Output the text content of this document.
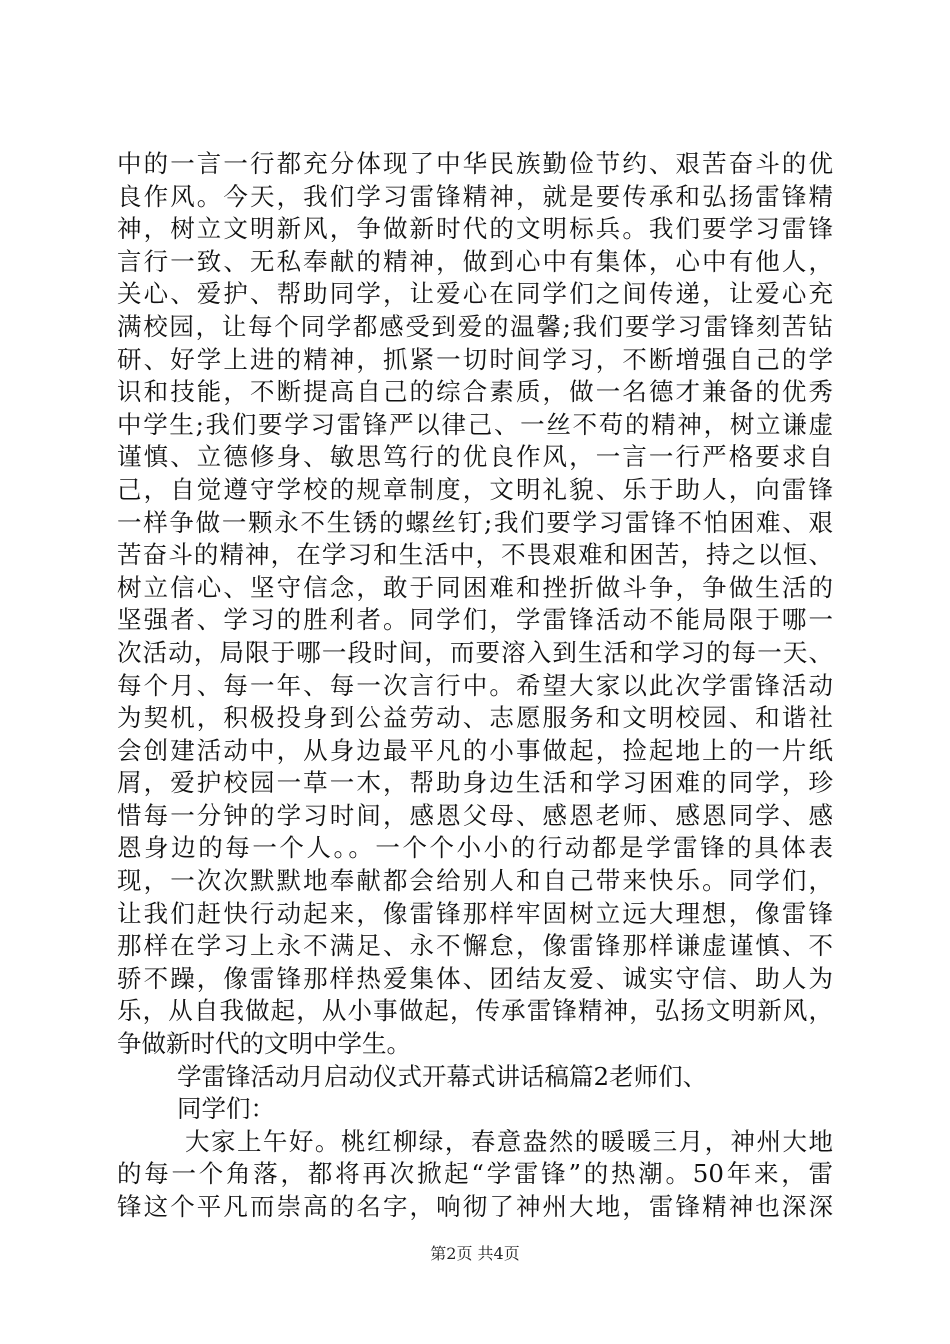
中的一言一行都充分体现了中华民族勤俭节约、艰苦奋斗的优
良作风。今天，我们学习雷锋精神，就是要传承和弘扬雷锋精
神，树立文明新风，争做新时代的文明标兵。我们要学习雷锋
言行一致、无私奉献的精神，做到心中有集体，心中有他人，
关心、爱护、帮助同学，让爱心在同学们之间传递，让爱心充
满校园，让每个同学都感受到爱的温馨;我们要学习雷锋刻苦钻
研、好学上进的精神，抓紧一切时间学习，不断增强自己的学
识和技能，不断提高自己的综合素质，做一名德才兼备的优秀
中学生;我们要学习雷锋严以律己、一丝不苟的精神，树立谦虚
谨慎、立德修身、敏思笃行的优良作风，一言一行严格要求自
己，自觉遵守学校的规章制度，文明礼貌、乐于助人，向雷锋
一样争做一颗永不生锈的螺丝钉;我们要学习雷锋不怕困难、艰
苦奋斗的精神，在学习和生活中，不畏艰难和困苦，持之以恒、
树立信心、坚守信念，敢于同困难和挫折做斗争，争做生活的
坚强者、学习的胜利者。同学们，学雷锋活动不能局限于哪一
次活动，局限于哪一段时间，而要溶入到生活和学习的每一天、
每个月、每一年、每一次言行中。希望大家以此次学雷锋活动
为契机，积极投身到公益劳动、志愿服务和文明校园、和谐社
会创建活动中，从身边最平凡的小事做起，捡起地上的一片纸
屑，爱护校园一草一木，帮助身边生活和学习困难的同学，珍
惜每一分钟的学习时间，感恩父母、感恩老师、感恩同学、感
恩身边的每一个人。。一个个小小的行动都是学雷锋的具体表
现，一次次默默地奉献都会给别人和自己带来快乐。同学们，
让我们赶快行动起来，像雷锋那样牢固树立远大理想，像雷锋
那样在学习上永不满足、永不懈怠，像雷锋那样谦虚谨慎、不
骄不躁，像雷锋那样热爱集体、团结友爱、诚实守信、助人为
乐，从自我做起，从小事做起，传承雷锋精神，弘扬文明新风，
争做新时代的文明中学生。
学雷锋活动月启动仪式开幕式讲话稿篇2老师们、
同学们：
大家上午好。桃红柳绿，春意盎然的暖暖三月，神州大地
的每一个角落，都将再次掀起“学雷锋”的热潮。50年来，雷
锋这个平凡而崇高的名字，响彻了神州大地，雷锋精神也深深
第2页 共4页
